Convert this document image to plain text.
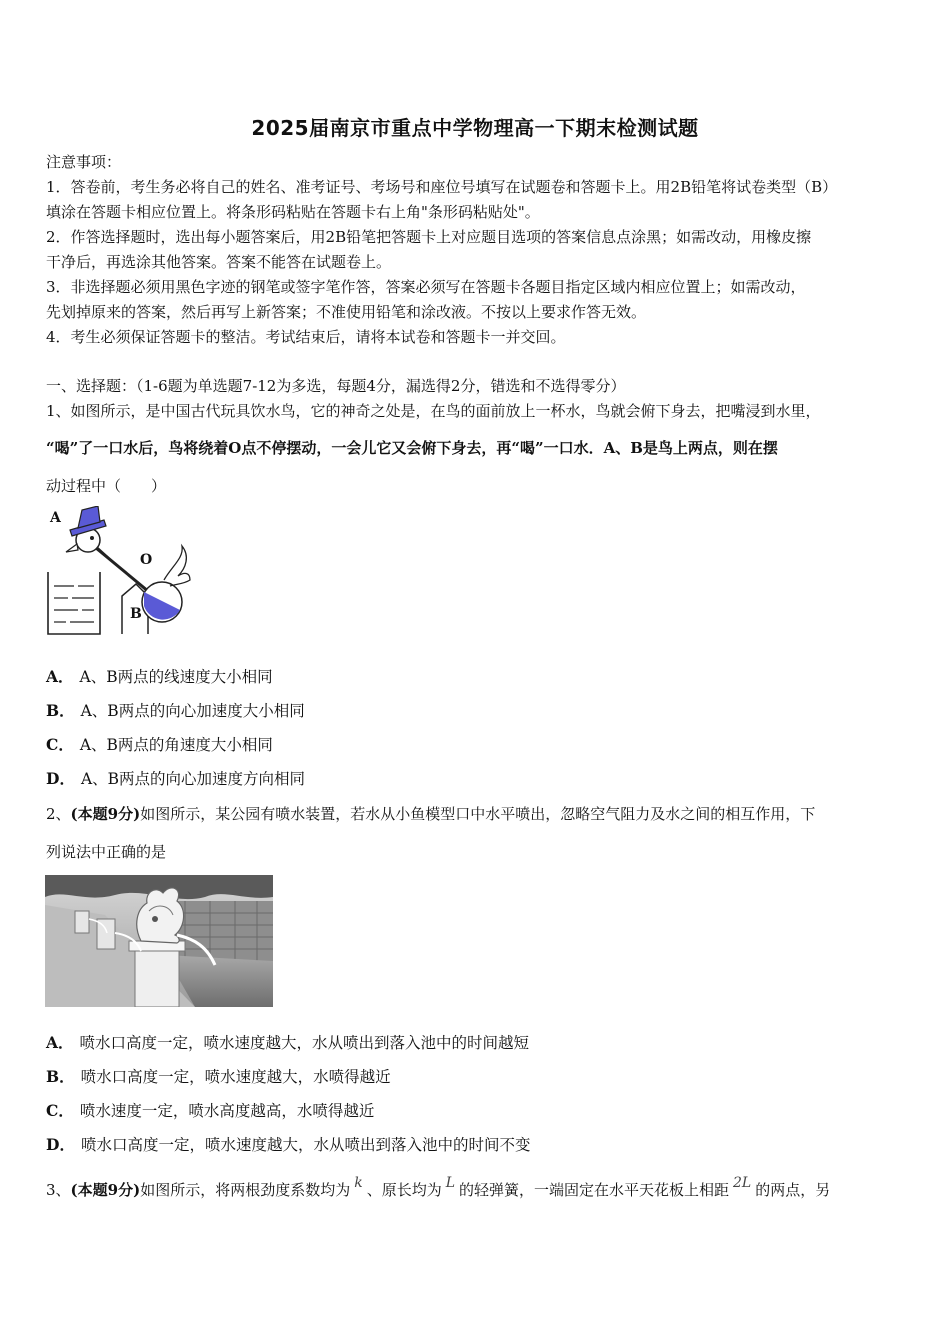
2025届南京市重点中学物理高一下期末检测试题
注意事项：
1．答卷前，考生务必将自己的姓名、准考证号、考场号和座位号填写在试题卷和答题卡上。用2B铅笔将试卷类型（B）
填涂在答题卡相应位置上。将条形码粘贴在答题卡右上角"条形码粘贴处"。
2．作答选择题时，选出每小题答案后，用2B铅笔把答题卡上对应题目选项的答案信息点涂黑；如需改动，用橡皮擦
干净后，再选涂其他答案。答案不能答在试题卷上。
3．非选择题必须用黑色字迹的钢笔或签字笔作答，答案必须写在答题卡各题目指定区域内相应位置上；如需改动，
先划掉原来的答案，然后再写上新答案；不准使用铅笔和涂改液。不按以上要求作答无效。
4．考生必须保证答题卡的整洁。考试结束后，请将本试卷和答题卡一并交回。
一、选择题：（1-6题为单选题7-12为多选，每题4分，漏选得2分，错选和不选得零分）
1、如图所示，是中国古代玩具饮水鸟，它的神奇之处是，在鸟的面前放上一杯水，鸟就会俯下身去，把嘴浸到水里，
“喝”了一口水后，鸟将绕着O点不停摆动，一会儿它又会俯下身去，再“喝”一口水．A、B是鸟上两点，则在摆
动过程中（　　）
A
O
B
A． A、B两点的线速度大小相同
B． A、B两点的向心加速度大小相同
C． A、B两点的角速度大小相同
D． A、B两点的向心加速度方向相同
2、(本题9分)如图所示，某公园有喷水装置，若水从小鱼模型口中水平喷出，忽略空气阻力及水之间的相互作用，下
列说法中正确的是
A． 喷水口高度一定，喷水速度越大，水从喷出到落入池中的时间越短
B． 喷水口高度一定，喷水速度越大，水喷得越近
C． 喷水速度一定，喷水高度越高，水喷得越近
D． 喷水口高度一定，喷水速度越大，水从喷出到落入池中的时间不变
3、(本题9分)如图所示，将两根劲度系数均为 k 、原长均为 L 的轻弹簧，一端固定在水平天花板上相距 2L 的两点，另
